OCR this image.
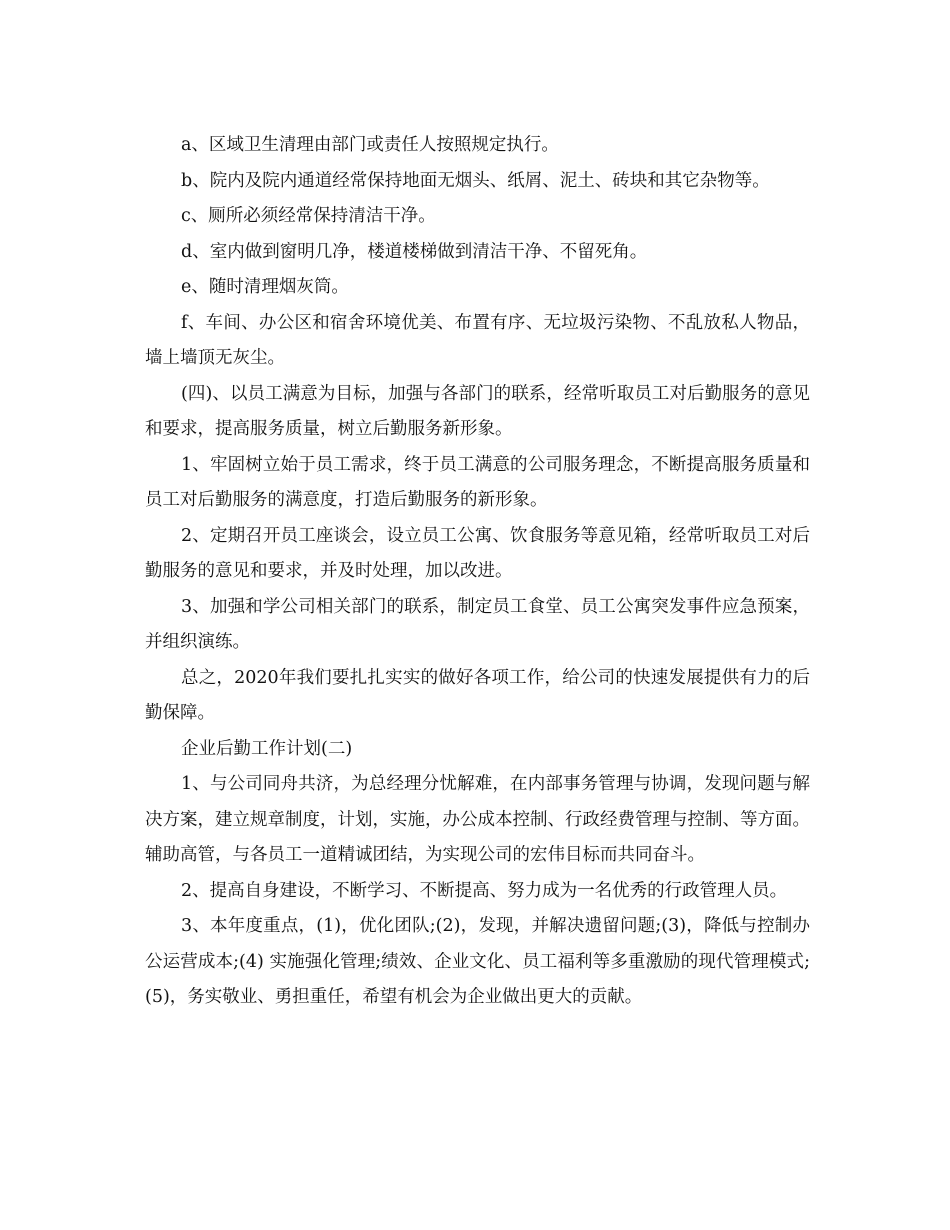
a、区域卫生清理由部门或责任人按照规定执行。

b、院内及院内通道经常保持地面无烟头、纸屑、泥土、砖块和其它杂物等。

c、厕所必须经常保持清洁干净。

d、室内做到窗明几净，楼道楼梯做到清洁干净、不留死角。

e、随时清理烟灰筒。

f、车间、办公区和宿舍环境优美、布置有序、无垃圾污染物、不乱放私人物品，墙上墙顶无灰尘。

(四)、以员工满意为目标，加强与各部门的联系，经常听取员工对后勤服务的意见和要求，提高服务质量，树立后勤服务新形象。

1、牢固树立始于员工需求，终于员工满意的公司服务理念，不断提高服务质量和员工对后勤服务的满意度，打造后勤服务的新形象。

2、定期召开员工座谈会，设立员工公寓、饮食服务等意见箱，经常听取员工对后勤服务的意见和要求，并及时处理，加以改进。

3、加强和学公司相关部门的联系，制定员工食堂、员工公寓突发事件应急预案，并组织演练。

总之，2020年我们要扎扎实实的做好各项工作，给公司的快速发展提供有力的后勤保障。

企业后勤工作计划(二)

1、与公司同舟共济，为总经理分忧解难，在内部事务管理与协调，发现问题与解决方案，建立规章制度，计划，实施，办公成本控制、行政经费管理与控制、等方面。辅助高管，与各员工一道精诚团结，为实现公司的宏伟目标而共同奋斗。

2、提高自身建设，不断学习、不断提高、努力成为一名优秀的行政管理人员。

3、本年度重点，(1)，优化团队;(2)，发现，并解决遗留问题;(3)，降低与控制办公运营成本;(4) 实施强化管理;绩效、企业文化、员工福利等多重激励的现代管理模式;(5)，务实敬业、勇担重任，希望有机会为企业做出更大的贡献。
